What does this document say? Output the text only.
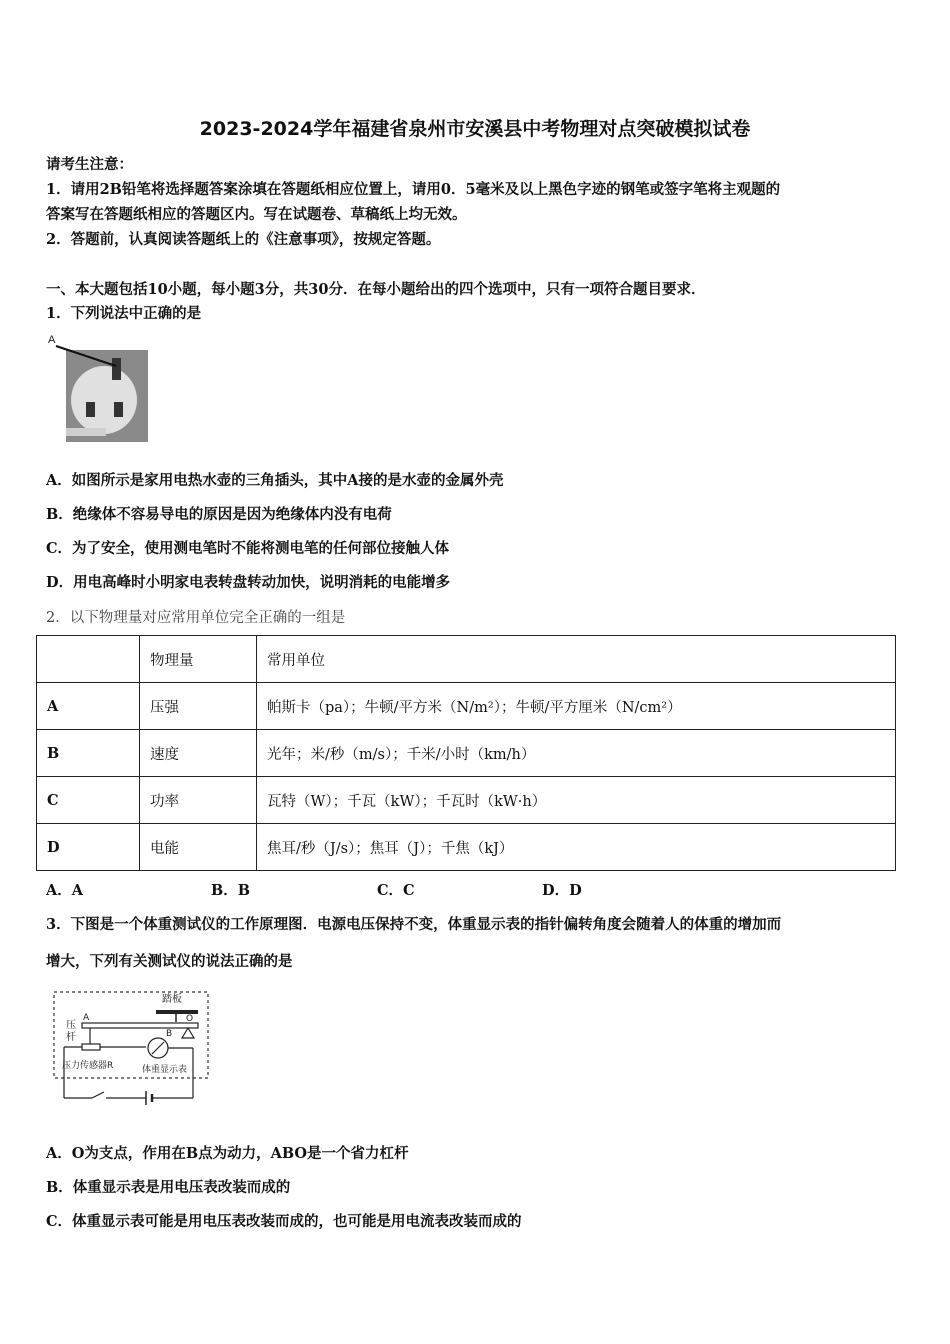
2023-2024学年福建省泉州市安溪县中考物理对点突破模拟试卷
请考生注意：
1．请用2B铅笔将选择题答案涂填在答题纸相应位置上，请用0．5毫米及以上黑色字迹的钢笔或签字笔将主观题的
答案写在答题纸相应的答题区内。写在试题卷、草稿纸上均无效。
2．答题前，认真阅读答题纸上的《注意事项》，按规定答题。
一、本大题包括10小题，每小题3分，共30分．在每小题给出的四个选项中，只有一项符合题目要求．
1．下列说法中正确的是
A
A．如图所示是家用电热水壶的三角插头，其中A接的是水壶的金属外壳
B．绝缘体不容易导电的原因是因为绝缘体内没有电荷
C．为了安全，使用测电笔时不能将测电笔的任何部位接触人体
D．用电高峰时小明家电表转盘转动加快，说明消耗的电能增多
2．以下物理量对应常用单位完全正确的一组是
	物理量	常用单位
A	压强	帕斯卡（pa）；牛顿/平方米（N/m²）；牛顿/平方厘米（N/cm²）
B	速度	光年；米/秒（m/s）；千米/小时（km/h）
C	功率	瓦特（W）；千瓦（kW）；千瓦时（kW·h）
D	电能	焦耳/秒（J/s）；焦耳（J）；千焦（kJ）
A．A	B．B	C．C	D．D
3．下图是一个体重测试仪的工作原理图．电源电压保持不变，体重显示表的指针偏转角度会随着人的体重的增加而
增大，下列有关测试仪的说法正确的是
踏板
O
A
B
压
杆
压力传感器R	体重显示表
A．O为支点，作用在B点为动力，ABO是一个省力杠杆
B．体重显示表是用电压表改装而成的
C．体重显示表可能是用电压表改装而成的，也可能是用电流表改装而成的
